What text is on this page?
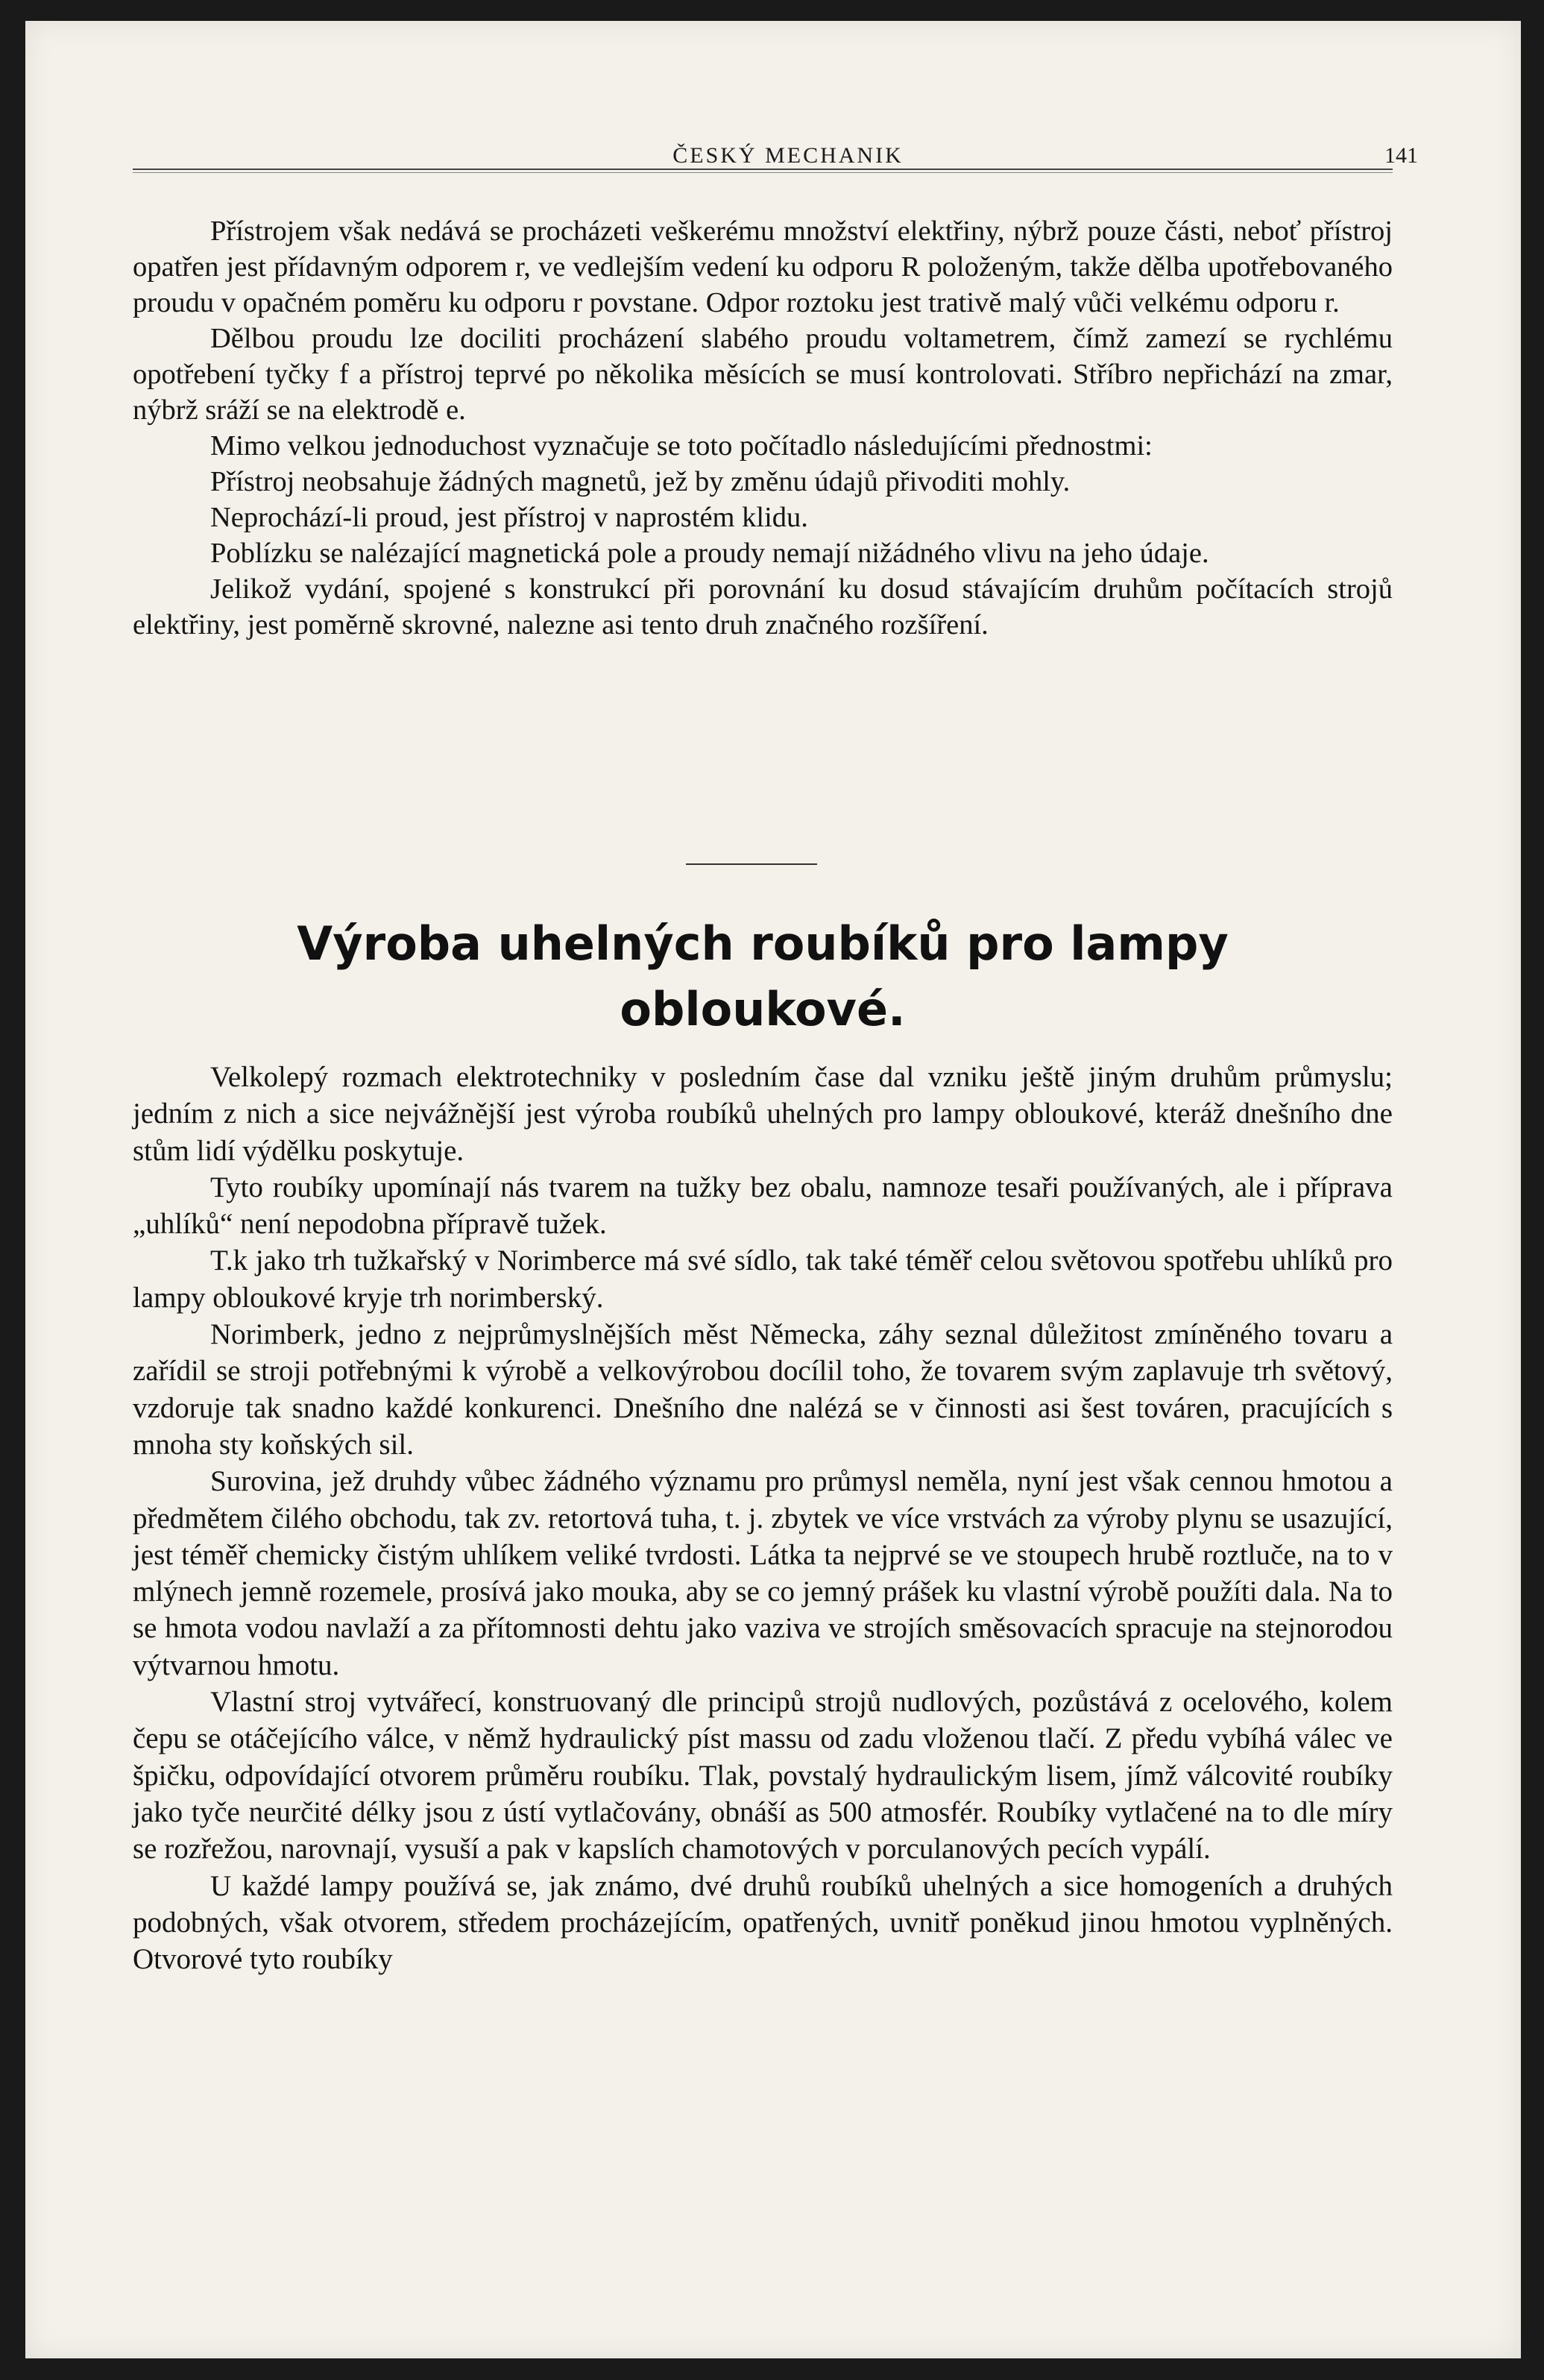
ČESKÝ MECHANIK	141

Přístrojem však nedává se procházeti veškerému množství elektřiny, nýbrž pouze části, neboť přístroj opatřen jest přídavným odporem r, ve vedlejším vedení ku odporu R položeným, takže dělba upotřebovaného proudu v opačném poměru ku odporu r povstane. Odpor roztoku jest trativě malý vůči velkému odporu r.

Dělbou proudu lze dociliti procházení slabého proudu voltametrem, čímž zamezí se rychlému opotřebení tyčky f a přístroj teprvé po několika měsících se musí kontrolovati. Stříbro nepřichází na zmar, nýbrž sráží se na elektrodě e.

Mimo velkou jednoduchost vyznačuje se toto počítadlo následujícími přednostmi:

Přístroj neobsahuje žádných magnetů, jež by změnu údajů přivoditi mohly.

Neprochází-li proud, jest přístroj v naprostém klidu.

Poblízku se nalézající magnetická pole a proudy nemají nižádného vlivu na jeho údaje.

Jelikož vydání, spojené s konstrukcí při porovnání ku dosud stávajícím druhům počítacích strojů elektřiny, jest poměrně skrovné, nalezne asi tento druh značného rozšíření.

Výroba uhelných roubíků pro lampy
obloukové.

Velkolepý rozmach elektrotechniky v posledním čase dal vzniku ještě jiným druhům průmyslu; jedním z nich a sice nejvážnější jest výroba roubíků uhelných pro lampy obloukové, kteráž dnešního dne stům lidí výdělku poskytuje.

Tyto roubíky upomínají nás tvarem na tužky bez obalu, namnoze tesaři používaných, ale i příprava „uhlíků“ není nepodobna přípravě tužek.

T.k jako trh tužkařský v Norimberce má své sídlo, tak také téměř celou světovou spotřebu uhlíků pro lampy obloukové kryje trh norimberský.

Norimberk, jedno z nejprůmyslnějších měst Německa, záhy seznal důležitost zmíněného tovaru a zařídil se stroji potřebnými k výrobě a velkovýrobou docílil toho, že tovarem svým zaplavuje trh světový, vzdoruje tak snadno každé konkurenci. Dnešního dne nalézá se v činnosti asi šest továren, pracujících s mnoha sty koňských sil.

Surovina, jež druhdy vůbec žádného významu pro průmysl neměla, nyní jest však cennou hmotou a předmětem čilého obchodu, tak zv. retortová tuha, t. j. zbytek ve více vrstvách za výroby plynu se usazující, jest téměř chemicky čistým uhlíkem veliké tvrdosti. Látka ta nejprvé se ve stoupech hrubě roztluče, na to v mlýnech jemně rozemele, prosívá jako mouka, aby se co jemný prášek ku vlastní výrobě použíti dala. Na to se hmota vodou navlaží a za přítomnosti dehtu jako vaziva ve strojích směsovacích spracuje na stejnorodou výtvarnou hmotu.

Vlastní stroj vytvářecí, konstruovaný dle principů strojů nudlových, pozůstává z ocelového, kolem čepu se otáčejícího válce, v němž hydraulický píst massu od zadu vloženou tlačí. Z předu vybíhá válec ve špičku, odpovídající otvorem průměru roubíku. Tlak, povstalý hydraulickým lisem, jímž válcovité roubíky jako tyče neurčité délky jsou z ústí vytlačovány, obnáší as 500 atmosfér. Roubíky vytlačené na to dle míry se rozřežou, narovnají, vysuší a pak v kapslích chamotových v porculanových pecích vypálí.

U každé lampy používá se, jak známo, dvé druhů roubíků uhelných a sice homogeních a druhých podobných, však otvorem, středem procházejícím, opatřených, uvnitř poněkud jinou hmotou vyplněných. Otvorové tyto roubíky
